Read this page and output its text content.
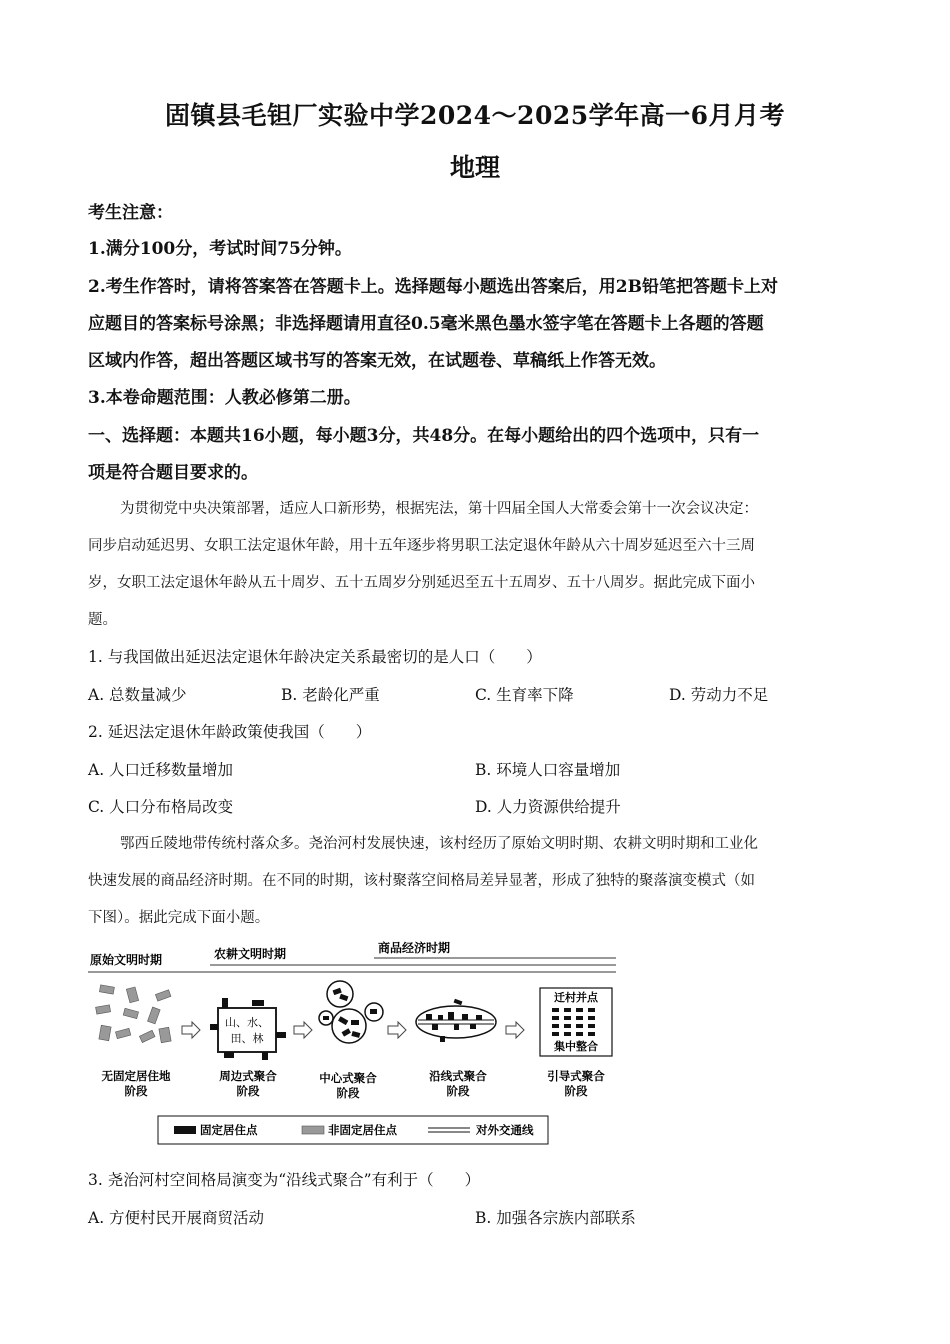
固镇县毛钽厂实验中学2024～2025学年高一6月月考
地理
考生注意：
1.满分100分，考试时间75分钟。
2.考生作答时，请将答案答在答题卡上。选择题每小题选出答案后，用2B铅笔把答题卡上对
应题目的答案标号涂黑；非选择题请用直径0.5毫米黑色墨水签字笔在答题卡上各题的答题
区域内作答，超出答题区域书写的答案无效，在试题卷、草稿纸上作答无效。
3.本卷命题范围：人教必修第二册。
一、选择题：本题共16小题，每小题3分，共48分。在每小题给出的四个选项中，只有一
项是符合题目要求的。
为贯彻党中央决策部署，适应人口新形势，根据宪法，第十四届全国人大常委会第十一次会议决定：
同步启动延迟男、女职工法定退休年龄，用十五年逐步将男职工法定退休年龄从六十周岁延迟至六十三周
岁，女职工法定退休年龄从五十周岁、五十五周岁分别延迟至五十五周岁、五十八周岁。据此完成下面小
题。
1. 与我国做出延迟法定退休年龄决定关系最密切的是人口（　　）
A. 总数量减少	B. 老龄化严重	C. 生育率下降	D. 劳动力不足
2. 延迟法定退休年龄政策使我国（　　）
A. 人口迁移数量增加	B. 环境人口容量增加
C. 人口分布格局改变	D. 人力资源供给提升
鄂西丘陵地带传统村落众多。尧治河村发展快速，该村经历了原始文明时期、农耕文明时期和工业化
快速发展的商品经济时期。在不同的时期，该村聚落空间格局差异显著，形成了独特的聚落演变模式（如
下图）。据此完成下面小题。
原始文明时期	农耕文明时期	商品经济时期
山、水、
田、林
迁村并点
集中整合
无固定居住地
阶段
周边式聚合
阶段
中心式聚合
阶段
沿线式聚合
阶段
引导式聚合
阶段
固定居住点	非固定居住点	对外交通线
3. 尧治河村空间格局演变为“沿线式聚合”有利于（　　）
A. 方便村民开展商贸活动	B. 加强各宗族内部联系
